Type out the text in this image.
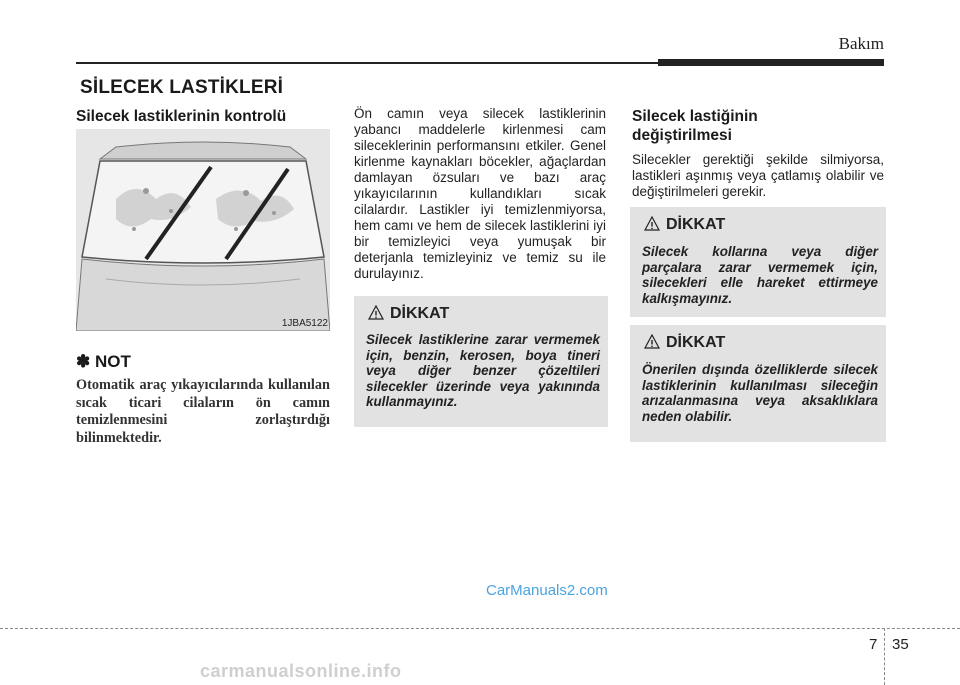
Bakım
SİLECEK LASTİKLERİ
Silecek lastiklerinin kontrolü
1JBA5122
✽ NOT
Otomatik araç yıkayıcılarında kullanılan sıcak ticari cilaların ön camın temizlenmesini zorlaştırdığı bilinmektedir.
Ön camın veya silecek lastiklerinin yabancı maddelerle kirlenmesi cam sileceklerinin performansını etkiler. Genel kirlenme kaynakları böcekler, ağaçlardan damlayan özsuları ve bazı araç yıkayıcılarının kullandıkları sıcak cilalardır. Lastikler iyi temizlenmiyorsa, hem camı ve hem de silecek lastiklerini iyi bir temizleyici veya yumuşak bir deterjanla temizleyiniz ve temiz su ile durulayınız.
DİKKAT
Silecek lastiklerine zarar vermemek için, benzin, kerosen, boya tineri veya diğer benzer çözeltileri silecekler üzerinde veya yakınında kullanmayınız.
Silecek lastiğinin değiştirilmesi
Silecekler gerektiği şekilde silmiyorsa, lastikleri aşınmış veya çatlamış olabilir ve değiştirilmeleri gerekir.
DİKKAT
Silecek kollarına veya diğer parçalara zarar vermemek için, silecekleri elle hareket ettirmeye kalkışmayınız.
DİKKAT
Önerilen dışında özelliklerde silecek lastiklerinin kullanılması sileceğin arızalanmasına veya aksaklıklara neden olabilir.
CarManuals2.com
7 35
carmanualsonline.info
